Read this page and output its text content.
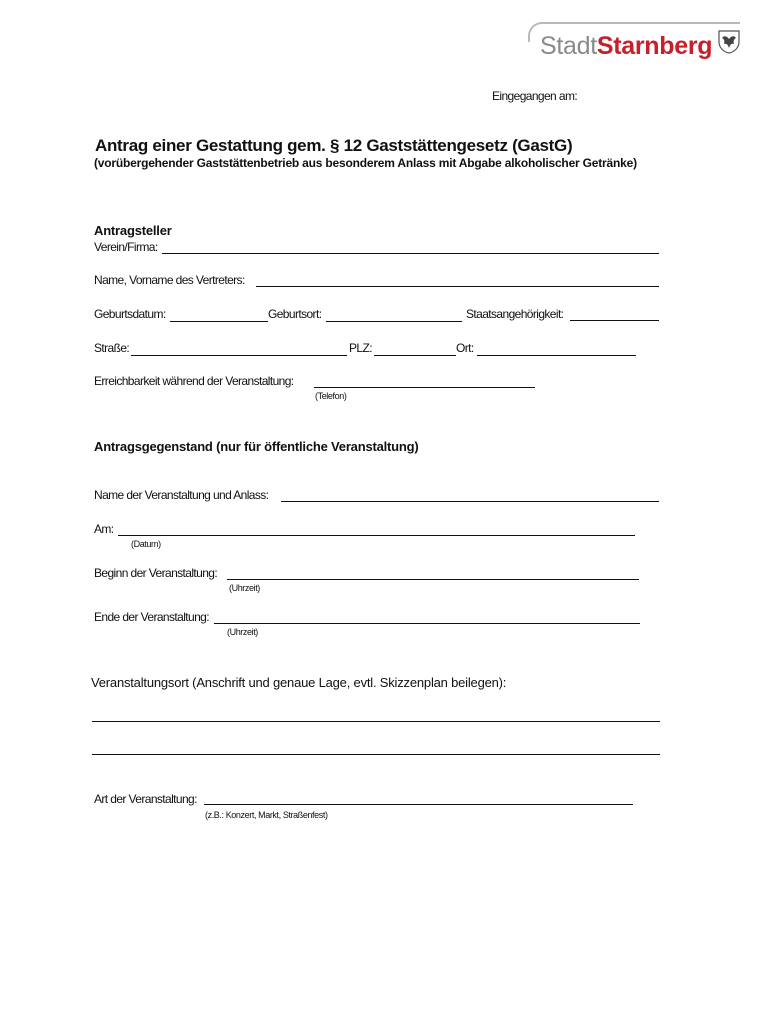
StadtStarnberg
Eingegangen am:
Antrag einer Gestattung gem. § 12 Gaststättengesetz (GastG)
(vorübergehender Gaststättenbetrieb aus besonderem Anlass mit Abgabe alkoholischer Getränke)
Antragsteller
Verein/Firma:
Name, Vorname des Vertreters:
Geburtsdatum:	Geburtsort:	Staatsangehörigkeit:
Straße:	PLZ:	Ort:
Erreichbarkeit während der Veranstaltung:
(Telefon)
Antragsgegenstand (nur für öffentliche Veranstaltung)
Name der Veranstaltung und Anlass:
Am:
(Datum)
Beginn der Veranstaltung:
(Uhrzeit)
Ende der Veranstaltung:
(Uhrzeit)
Veranstaltungsort (Anschrift und genaue Lage, evtl. Skizzenplan beilegen):
Art der Veranstaltung:
(z.B.: Konzert, Markt, Straßenfest)
